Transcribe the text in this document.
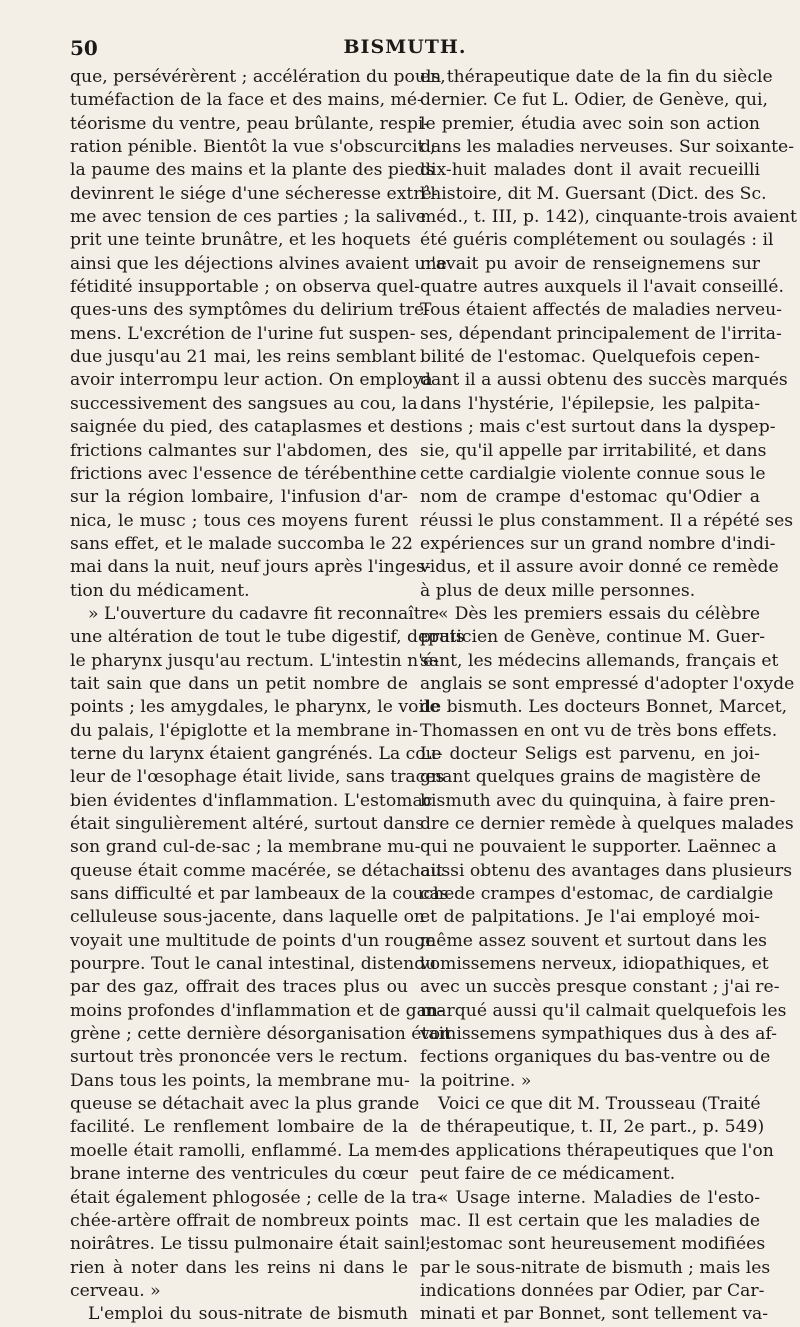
50	BISMUTH.
que, persévérèrent ; accélération du pouls,
tuméfaction de la face et des mains, mé-
téorisme du ventre, peau brûlante, respi-
ration pénible. Bientôt la vue s'obscurcit ;
la paume des mains et la plante des pieds
devinrent le siége d'une sécheresse extrê-
me avec tension de ces parties ; la salive
prit une teinte brunâtre, et les hoquets
ainsi que les déjections alvines avaient une
fétidité insupportable ; on observa quel-
ques-uns des symptômes du delirium tre-
mens. L'excrétion de l'urine fut suspen-
due jusqu'au 21 mai, les reins semblant
avoir interrompu leur action. On employa
successivement des sangsues au cou, la
saignée du pied, des cataplasmes et des
frictions calmantes sur l'abdomen, des
frictions avec l'essence de térébenthine
sur la région lombaire, l'infusion d'ar-
nica, le musc ; tous ces moyens furent
sans effet, et le malade succomba le 22
mai dans la nuit, neuf jours après l'inges-
tion du médicament.
» L'ouverture du cadavre fit reconnaître
une altération de tout le tube digestif, depuis
le pharynx jusqu'au rectum. L'intestin n'é-
tait sain que dans un petit nombre de
points ; les amygdales, le pharynx, le voile
du palais, l'épiglotte et la membrane in-
terne du larynx étaient gangrénés. La cou-
leur de l'œsophage était livide, sans traces
bien évidentes d'inflammation. L'estomac
était singulièrement altéré, surtout dans
son grand cul-de-sac ; la membrane mu-
queuse était comme macérée, se détachait
sans difficulté et par lambeaux de la couche
celluleuse sous-jacente, dans laquelle on
voyait une multitude de points d'un rouge
pourpre. Tout le canal intestinal, distendu
par des gaz, offrait des traces plus ou
moins profondes d'inflammation et de gan-
grène ; cette dernière désorganisation était
surtout très prononcée vers le rectum.
Dans tous les points, la membrane mu-
queuse se détachait avec la plus grande
facilité. Le renflement lombaire de la
moelle était ramolli, enflammé. La mem-
brane interne des ventricules du cœur
était également phlogosée ; celle de la tra-
chée-artère offrait de nombreux points
noirâtres. Le tissu pulmonaire était sain ;
rien à noter dans les reins ni dans le
cerveau. »
L'emploi du sous-nitrate de bismuth
en thérapeutique date de la fin du siècle
dernier. Ce fut L. Odier, de Genève, qui,
le premier, étudia avec soin son action
dans les maladies nerveuses. Sur soixante-
dix-huit malades dont il avait recueilli
l'histoire, dit M. Guersant (Dict. des Sc.
méd., t. III, p. 142), cinquante-trois avaient
été guéris complétement ou soulagés : il
n'avait pu avoir de renseignemens sur
quatre autres auxquels il l'avait conseillé.
Tous étaient affectés de maladies nerveu-
ses, dépendant principalement de l'irrita-
bilité de l'estomac. Quelquefois cepen-
dant il a aussi obtenu des succès marqués
dans l'hystérie, l'épilepsie, les palpita-
tions ; mais c'est surtout dans la dyspep-
sie, qu'il appelle par irritabilité, et dans
cette cardialgie violente connue sous le
nom de crampe d'estomac qu'Odier a
réussi le plus constamment. Il a répété ses
expériences sur un grand nombre d'indi-
vidus, et il assure avoir donné ce remède
à plus de deux mille personnes.
« Dès les premiers essais du célèbre
praticien de Genève, continue M. Guer-
sant, les médecins allemands, français et
anglais se sont empressé d'adopter l'oxyde
de bismuth. Les docteurs Bonnet, Marcet,
Thomassen en ont vu de très bons effets.
Le docteur Seligs est parvenu, en joi-
gnant quelques grains de magistère de
bismuth avec du quinquina, à faire pren-
dre ce dernier remède à quelques malades
qui ne pouvaient le supporter. Laënnec a
aussi obtenu des avantages dans plusieurs
cas de crampes d'estomac, de cardialgie
et de palpitations. Je l'ai employé moi-
même assez souvent et surtout dans les
vomissemens nerveux, idiopathiques, et
avec un succès presque constant ; j'ai re-
marqué aussi qu'il calmait quelquefois les
vomissemens sympathiques dus à des af-
fections organiques du bas-ventre ou de
la poitrine. »
Voici ce que dit M. Trousseau (Traité
de thérapeutique, t. II, 2e part., p. 549)
des applications thérapeutiques que l'on
peut faire de ce médicament.
« Usage interne. Maladies de l'esto-
mac. Il est certain que les maladies de
l'estomac sont heureusement modifiées
par le sous-nitrate de bismuth ; mais les
indications données par Odier, par Car-
minati et par Bonnet, sont tellement va-
